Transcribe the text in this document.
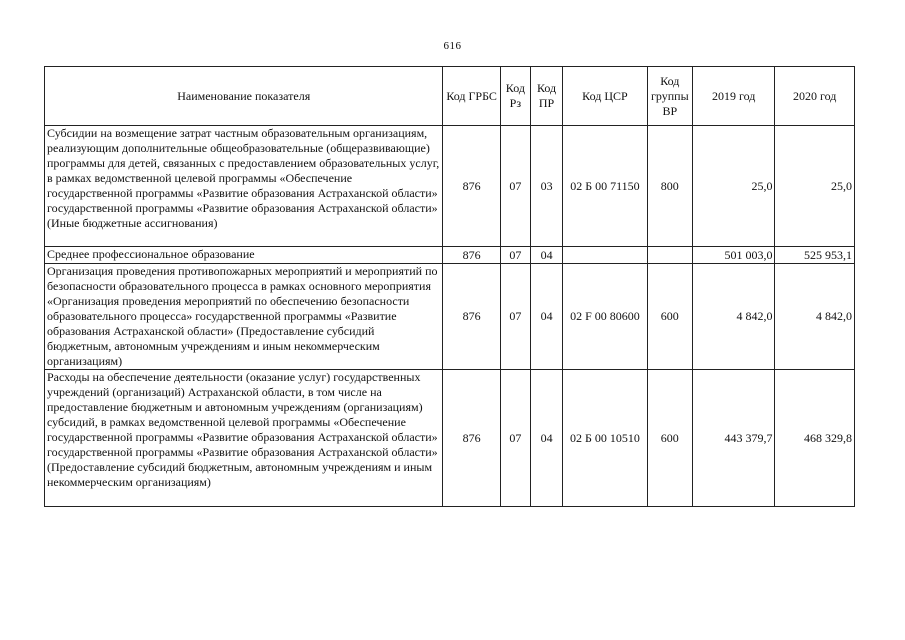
616
Наименование показателя	Код ГРБС	Код Рз	Код ПР	Код ЦСР	Код группы ВР	2019 год	2020 год
Субсидии на возмещение затрат частным образовательным организациям, реализующим дополнительные общеобразовательные (общеразвивающие) программы для детей, связанных с предоставлением образовательных услуг, в рамках ведомственной целевой программы «Обеспечение государственной программы «Развитие образования Астраханской области» государственной программы «Развитие образования Астраханской области» (Иные бюджетные ассигнования)	876	07	03	02 Б 00 71150	800	25,0	25,0
Среднее профессиональное образование	876	07	04			501 003,0	525 953,1
Организация проведения противопожарных мероприятий и мероприятий по безопасности образовательного процесса в рамках основного мероприятия «Организация проведения мероприятий по обеспечению безопасности образовательного процесса» государственной программы «Развитие образования Астраханской области» (Предоставление субсидий бюджетным, автономным учреждениям и иным некоммерческим организациям)	876	07	04	02 F 00 80600	600	4 842,0	4 842,0
Расходы на обеспечение деятельности (оказание услуг) государственных учреждений (организаций) Астраханской области, в том числе на предоставление бюджетным и автономным учреждениям (организациям) субсидий, в рамках ведомственной целевой программы «Обеспечение государственной программы «Развитие образования Астраханской области» государственной программы «Развитие образования Астраханской области» (Предоставление субсидий бюджетным, автономным учреждениям и иным некоммерческим организациям)	876	07	04	02 Б 00 10510	600	443 379,7	468 329,8
